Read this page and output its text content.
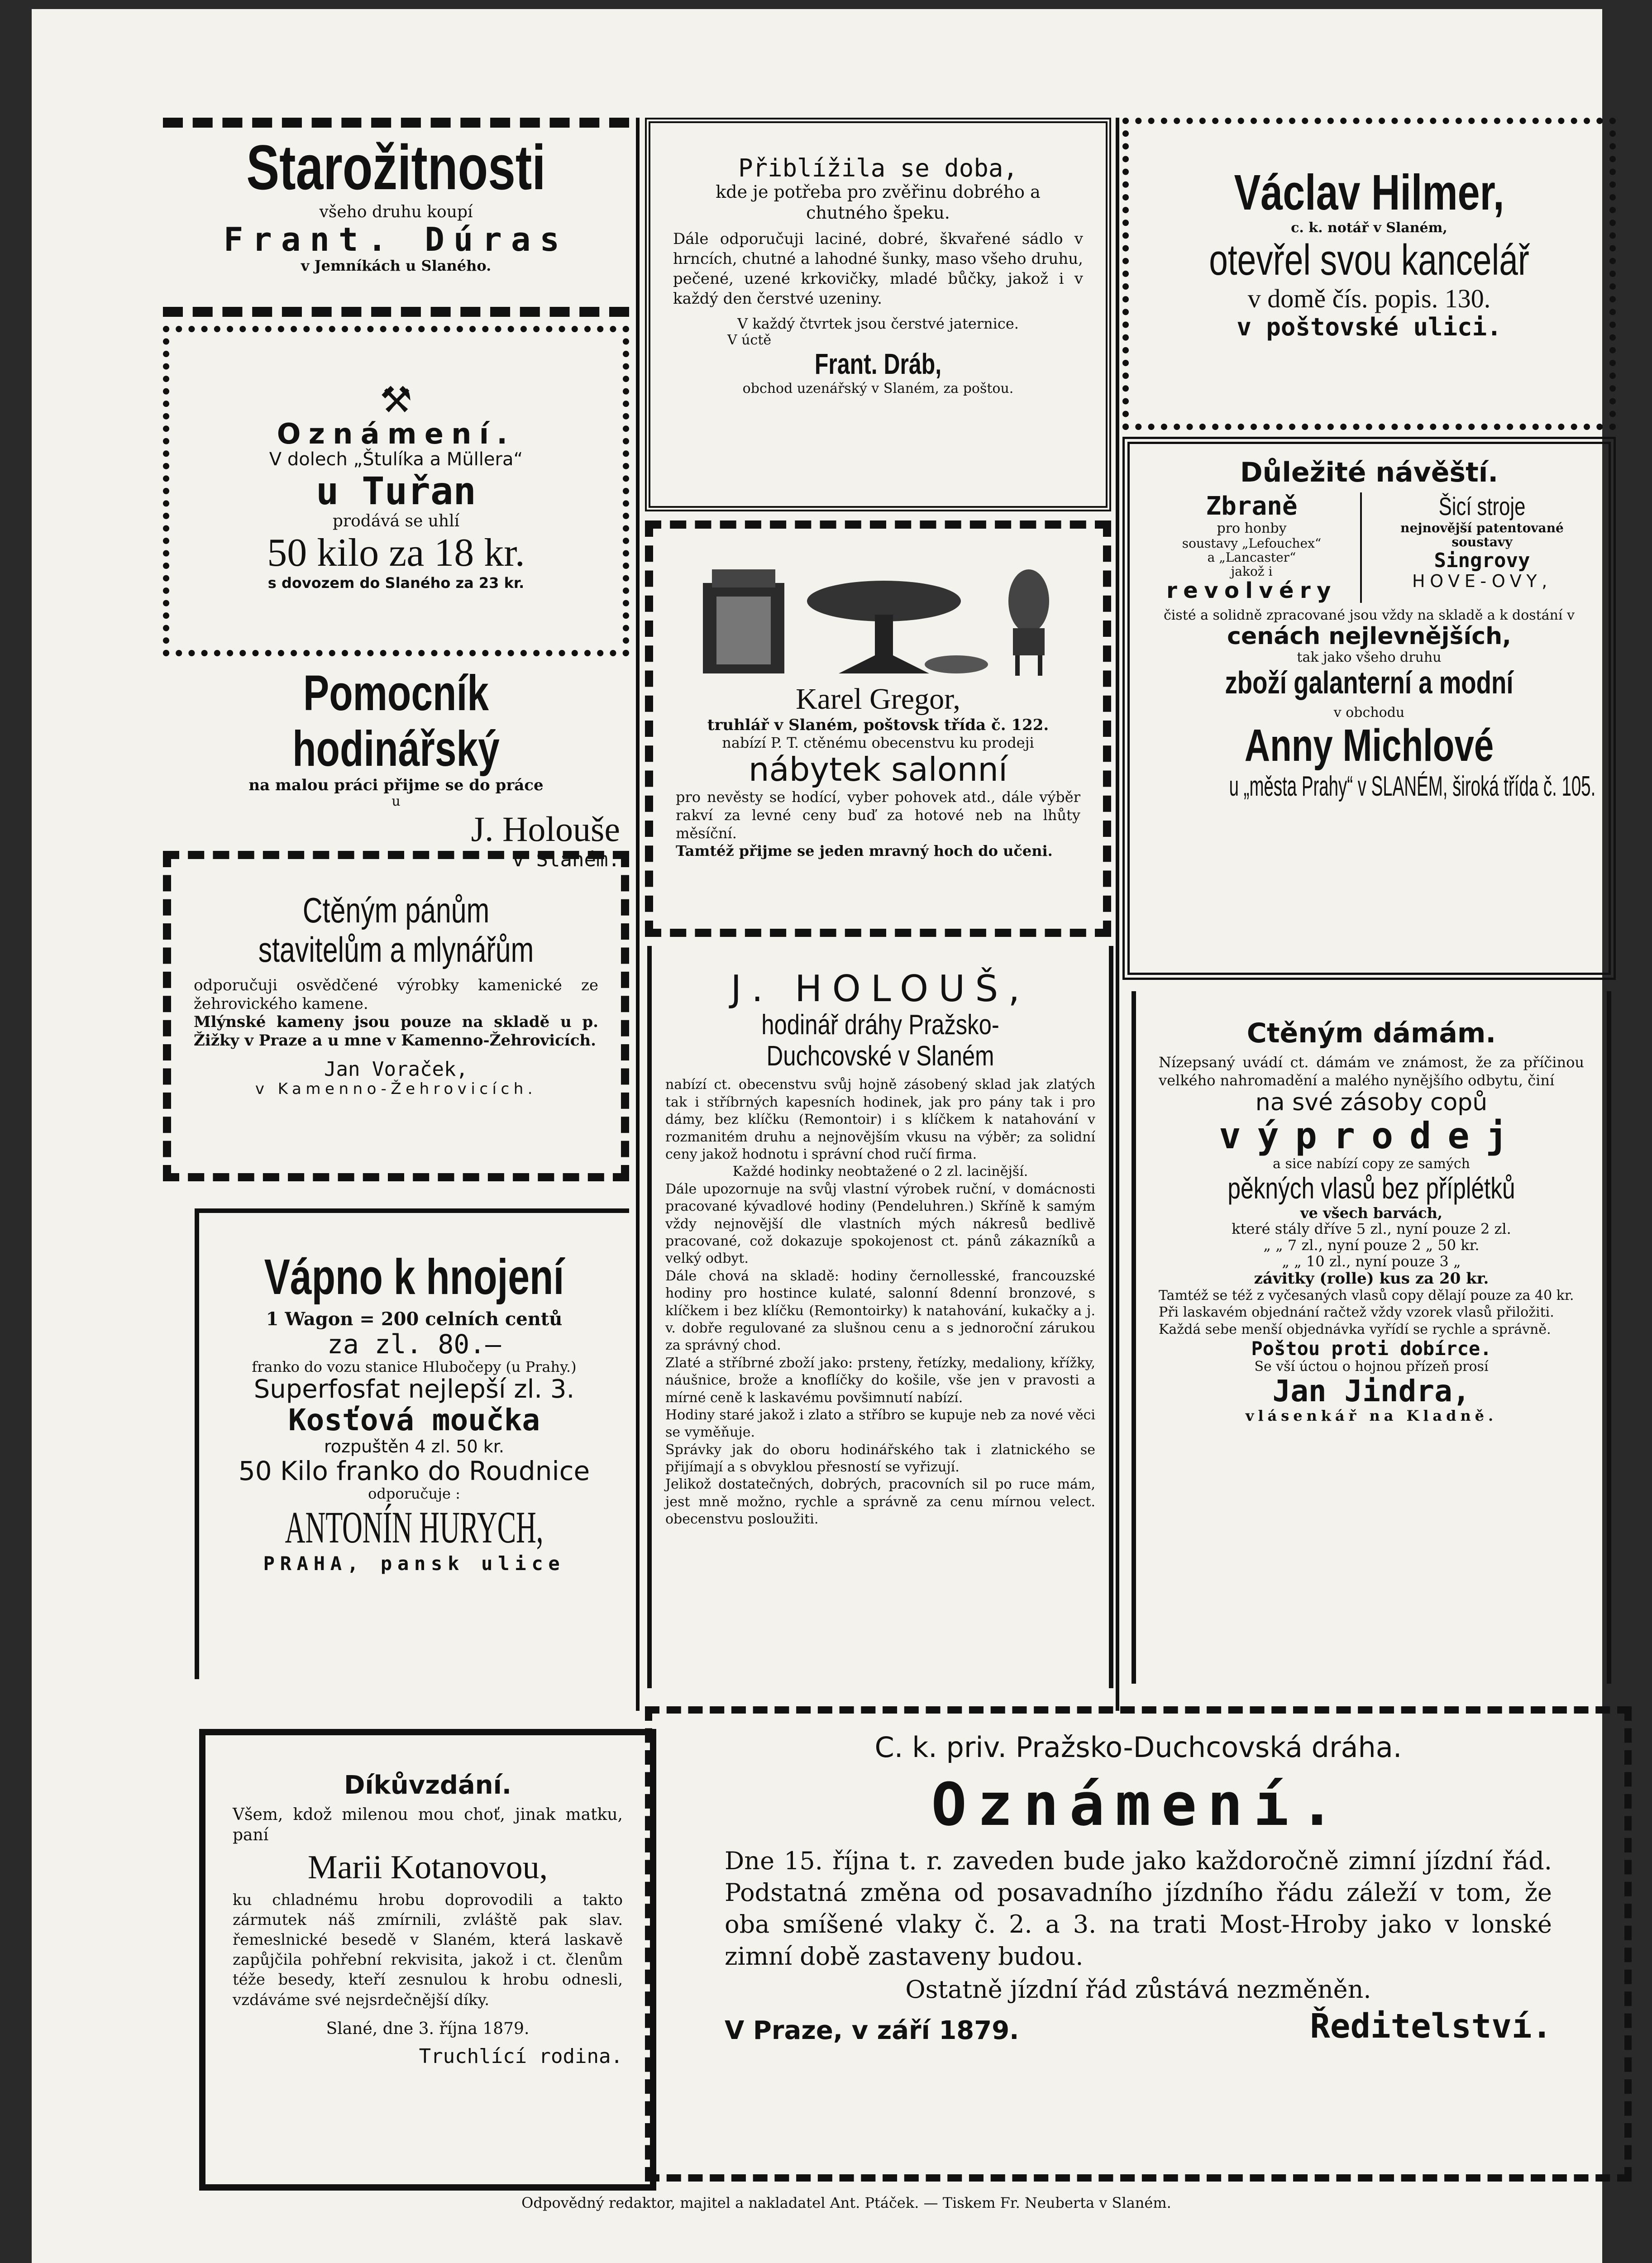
Starožitnosti
všeho druhu koupí
Frant. Dúras
v Jemníkách u Slaného.
⚒
Oznámení.
V dolech „Štulíka a Müllera“
u Tuřan
prodává se uhlí
50 kilo za 18 kr.
s dovozem do Slaného za 23 kr.
Pomocník hodinářský
na malou práci přijme se do práce
u
J. Holouše
v Slaném.
Ctěným pánům stavitelům a mlynářům

odporučuji osvědčené výrobky kamenické ze žehrovického kamene.

Mlýnské kameny jsou pouze na skladě u p. Žižky v Praze a u mne v Kamenno-Žehrovicích.

Jan Voraček,
v Kamenno-Žehrovicích.
Vápno k hnojení
1 Wagon = 200 celních centů
za zl. 80.—
franko do vozu stanice Hlubočepy (u Prahy.)
Superfosfat nejlepší zl. 3.
Kosťová moučka
rozpuštěn 4 zl. 50 kr.
50 Kilo franko do Roudnice
odporučuje :
ANTONÍN HURYCH,
PRAHA, pansk ulice
Díkůvzdání.

Všem, kdož milenou mou choť, jinak matku, paní

Marii Kotanovou,

ku chladnému hrobu doprovodili a takto zármutek náš zmírnili, zvláště pak slav. řemeslnické besedě v Slaném, která laskavě zapůjčila pohřební rekvisita, jakož i ct. členům téže besedy, kteří zesnulou k hrobu odnesli, vzdáváme své nejsrdečnější díky.

Slané, dne 3. října 1879.
Truchlící rodina.
Přiblížila se doba,

kde je potřeba pro zvěřinu dobrého a chutného špeku.

Dále odporučuji laciné, dobré, škvařené sádlo v hrncích, chutné a lahodné šunky, maso všeho druhu, pečené, uzené krkovičky, mladé bůčky, jakož i v každý den čerstvé uzeniny.

V každý čtvrtek jsou čerstvé jaternice.

V úctě

Frant. Dráb,

obchod uzenářský v Slaném, za poštou.

Karel Gregor,

truhlář v Slaném, poštovsk třída č. 122.

nabízí P. T. ctěnému obecenstvu ku prodeji

nábytek salonní

pro nevěsty se hodící, vyber pohovek atd., dále výběr rakví za levné ceny buď za hotové neb na lhůty měsíční.

Tamtéž přijme se jeden mravný hoch do učeni.

J. HOLOUŠ,
hodinář dráhy Pražsko-Duchcovské v Slaném

nabízí ct. obecenstvu svůj hojně zásobený sklad jak zlatých tak i stříbrných kapesních hodinek, jak pro pány tak i pro dámy, bez klíčku (Remontoir) i s klíčkem k natahování v rozmanitém druhu a nejnovějším vkusu na výběr; za solidní ceny jakož hodnotu i správní chod ručí firma.

Každé hodinky neobtažené o 2 zl. lacinější.

Dále upozornuje na svůj vlastní výrobek ruční, v domácnosti pracované kývadlové hodiny (Pendeluhren.) Skříně k samým vždy nejnovější dle vlastních mých nákresů bedlivě pracované, což dokazuje spokojenost ct. pánů zákazníků a velký odbyt.

Dále chová na skladě: hodiny černollesské, francouzské hodiny pro hostince kulaté, salonní 8denní bronzové, s klíčkem i bez klíčku (Remontoirky) k natahování, kukačky a j. v. dobře regulované za slušnou cenu a s jednoroční zárukou za správný chod.

Zlaté a stříbrné zboží jako: prsteny, řetízky, medaliony, křížky, náušnice, brože a knoflíčky do košile, vše jen v pravosti a mírné ceně k laskavému povšimnutí nabízí.

Hodiny staré jakož i zlato a stříbro se kupuje neb za nové věci se vyměňuje.

Správky jak do oboru hodinářského tak i zlatnického se přijímají a s obvyklou přesností se vyřizují.

Jelikož dostatečných, dobrých, pracovních sil po ruce mám, jest mně možno, rychle a správně za cenu mírnou velect. obecenstvu posloužiti.

Václav Hilmer,
c. k. notář v Slaném,
otevřel svou kancelář
v domě čís. popis. 130.
v poštovské ulici.
Důležité návěští.
Zbraně
pro honby
soustavy „Lefouchex“
a „Lancaster“
jakož i
revolvéry
Šicí stroje
nejnovější patentované soustavy
Singrovy
HOVE-OVY,

čisté a solidně zpracované jsou vždy na skladě a k dostání v

cenách nejlevnějších,
tak jako všeho druhu
zboží galanterní a modní
v obchodu
Anny Michlové
u „města Prahy“ v SLANÉM, široká třída č. 105.
Ctěným dámám.

Nízepsaný uvádí ct. dámám ve známost, že za příčinou velkého nahromadění a malého nynějšího odbytu, činí

na své zásoby copů
výprodej
a sice nabízí copy ze samých
pěkných vlasů bez příplétků
ve všech barvách,
které stály dříve 5 zl., nyní pouze 2 zl.
„ „ 7 zl., nyní pouze 2 „ 50 kr.
„ „ 10 zl., nyní pouze 3 „
závitky (rolle) kus za 20 kr.

Tamtéž se též z vyčesaných vlasů copy dělají pouze za 40 kr.

Při laskavém objednání račtež vždy vzorek vlasů přiložiti.

Každá sebe menší objednávka vyřídí se rychle a správně.

Poštou proti dobírce.
Se vší úctou o hojnou přízeň prosí
Jan Jindra,
vlásenkář na Kladně.
C. k. priv. Pražsko-Duchcovská dráha.
Oznámení.

Dne 15. října t. r. zaveden bude jako každoročně zimní jízdní řád. Podstatná změna od posavadního jízdního řádu záleží v tom, že oba smíšené vlaky č. 2. a 3. na trati Most-Hroby jako v lonské zimní době zastaveny budou.

Ostatně jízdní řád zůstává nezměněn.
V Praze, v září 1879.	Ředitelství.
Odpovědný redaktor, majitel a nakladatel Ant. Ptáček. — Tiskem Fr. Neuberta v Slaném.
